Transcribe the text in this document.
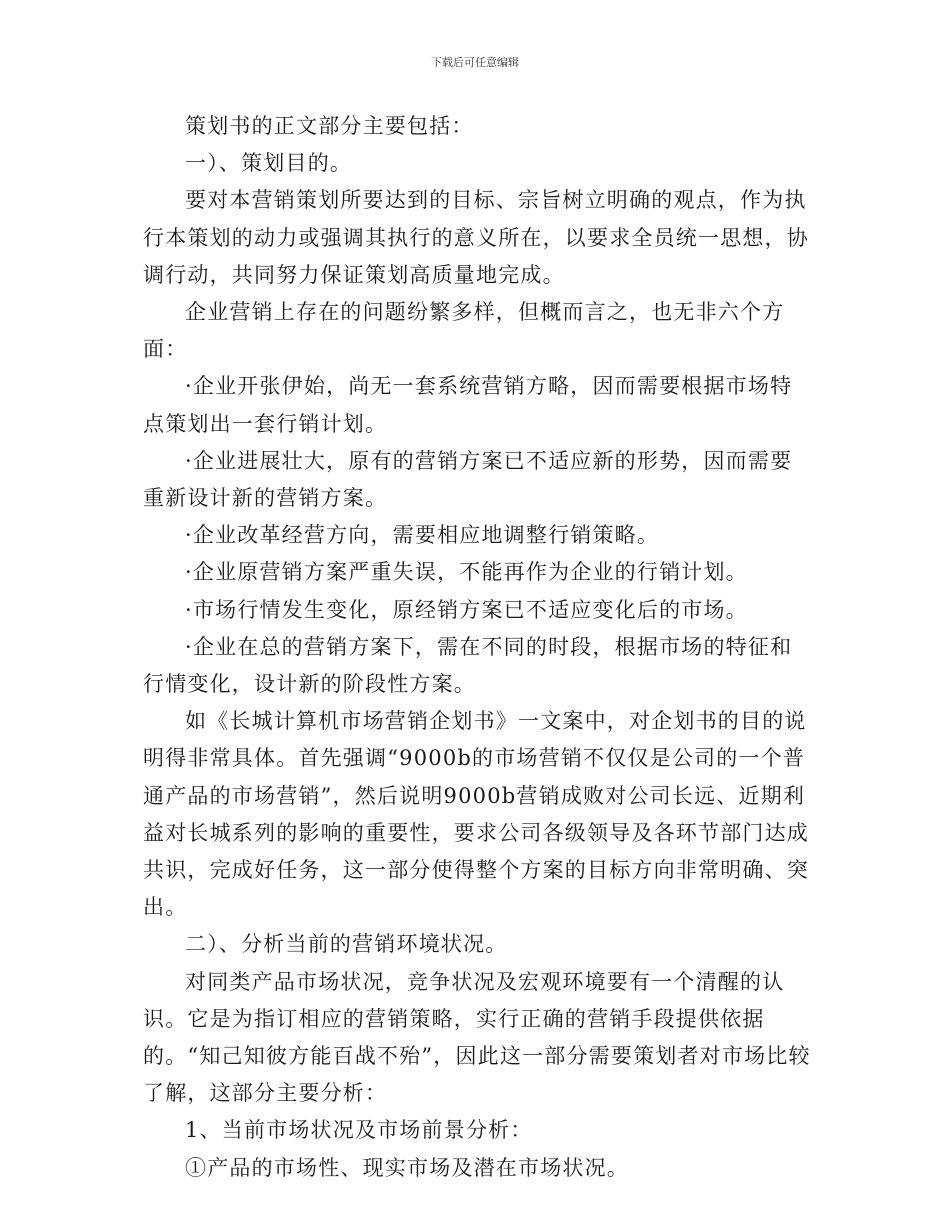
下载后可任意编辑

策划书的正文部分主要包括：

一）、策划目的。

要对本营销策划所要达到的目标、宗旨树立明确的观点，作为执行本策划的动力或强调其执行的意义所在，以要求全员统一思想，协调行动，共同努力保证策划高质量地完成。

企业营销上存在的问题纷繁多样，但概而言之，也无非六个方面：

·企业开张伊始，尚无一套系统营销方略，因而需要根据市场特点策划出一套行销计划。

·企业进展壮大，原有的营销方案已不适应新的形势，因而需要重新设计新的营销方案。

·企业改革经营方向，需要相应地调整行销策略。

·企业原营销方案严重失误，不能再作为企业的行销计划。

·市场行情发生变化，原经销方案已不适应变化后的市场。

·企业在总的营销方案下，需在不同的时段，根据市场的特征和行情变化，设计新的阶段性方案。

如《长城计算机市场营销企划书》一文案中，对企划书的目的说明得非常具体。首先强调“9000b的市场营销不仅仅是公司的一个普通产品的市场营销”，然后说明9000b营销成败对公司长远、近期利益对长城系列的影响的重要性，要求公司各级领导及各环节部门达成共识，完成好任务，这一部分使得整个方案的目标方向非常明确、突出。

二）、分析当前的营销环境状况。

对同类产品市场状况，竞争状况及宏观环境要有一个清醒的认识。它是为指订相应的营销策略，实行正确的营销手段提供依据的。“知己知彼方能百战不殆”，因此这一部分需要策划者对市场比较了解，这部分主要分析：

1、当前市场状况及市场前景分析：

①产品的市场性、现实市场及潜在市场状况。
